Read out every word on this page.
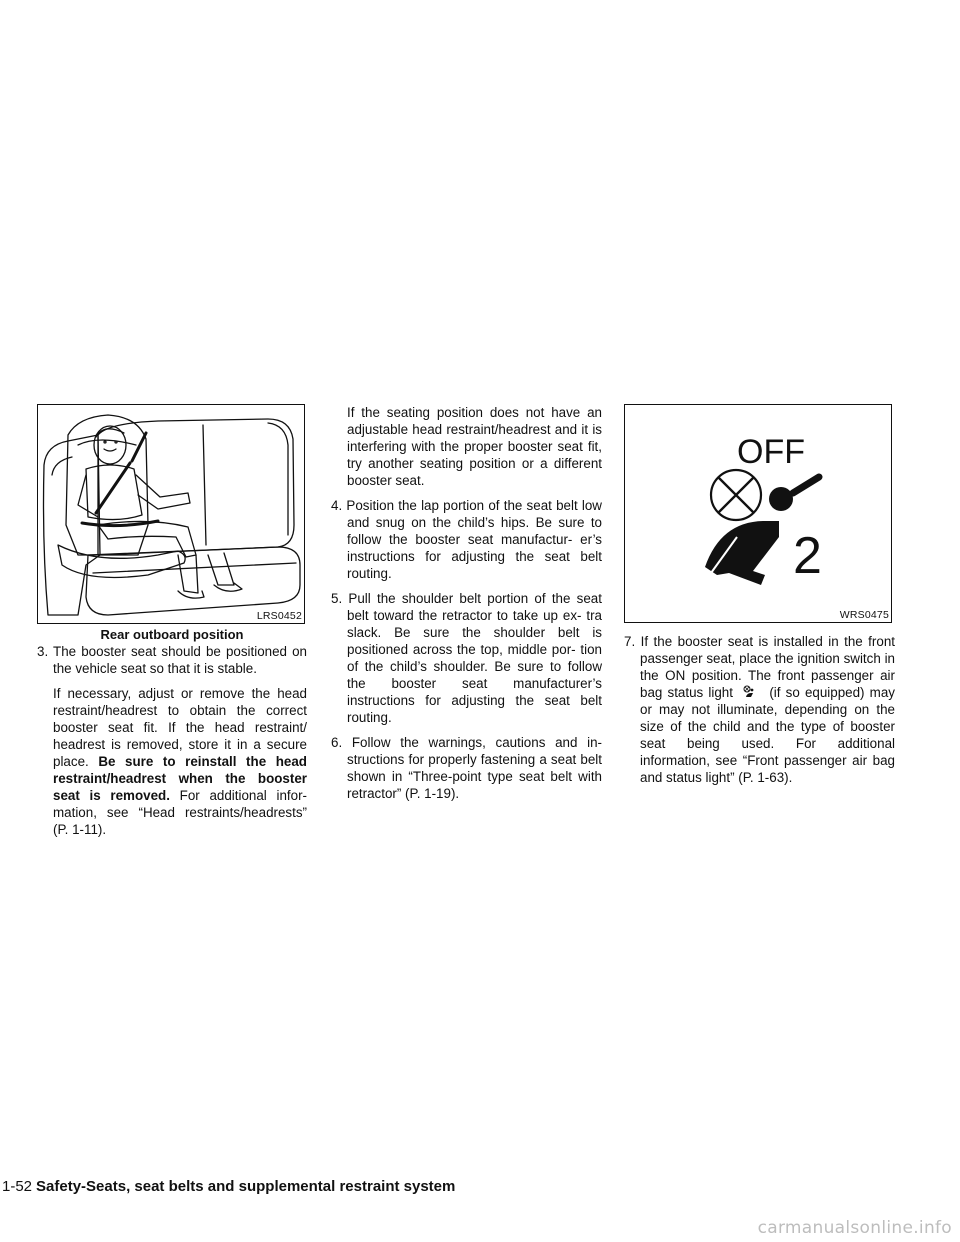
LRS0452
Rear outboard position

3. The booster seat should be positioned on the vehicle seat so that it is stable.

If necessary, adjust or remove the head restraint/headrest to obtain the correct booster seat fit. If the head restraint/ headrest is removed, store it in a secure place. Be sure to reinstall the head restraint/headrest when the booster seat is removed. For additional infor- mation, see “Head restraints/headrests” (P. 1-11).

If the seating position does not have an adjustable head restraint/headrest and it is interfering with the proper booster seat fit, try another seating position or a different booster seat.

4. Position the lap portion of the seat belt low and snug on the child’s hips. Be sure to follow the booster seat manufactur- er’s instructions for adjusting the seat belt routing.

5. Pull the shoulder belt portion of the seat belt toward the retractor to take up ex- tra slack. Be sure the shoulder belt is positioned across the top, middle por- tion of the child’s shoulder. Be sure to follow the booster seat manufacturer’s instructions for adjusting the seat belt routing.

6. Follow the warnings, cautions and in- structions for properly fastening a seat belt shown in “Three-point type seat belt with retractor” (P. 1-19).

OFF
2
WRS0475

7. If the booster seat is installed in the front passenger seat, place the ignition switch in the ON position. The front passenger air bag status light	(if so equipped) may or may not illuminate, depending on the size of the child and the type of booster seat being used. For additional information, see “Front passenger air bag and status light” (P. 1-63).

1-52 Safety-Seats, seat belts and supplemental restraint system
carmanualsonline.info
